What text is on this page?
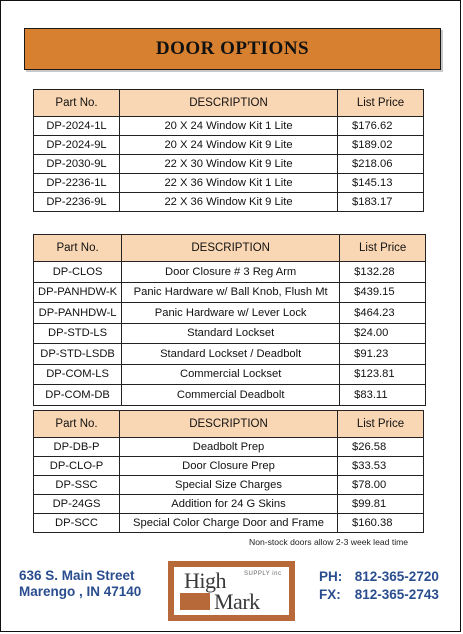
DOOR OPTIONS
Part No.	DESCRIPTION	List Price
DP-2024-1L	20 X 24 Window Kit 1 Lite	$176.62
DP-2024-9L	20 X 24 Window Kit 9 Lite	$189.02
DP-2030-9L	22 X 30 Window Kit 9 Lite	$218.06
DP-2236-1L	22 X 36 Window Kit 1 Lite	$145.13
DP-2236-9L	22 X 36 Window Kit 9 Lite	$183.17
Part No.	DESCRIPTION	List Price
DP-CLOS	Door Closure # 3 Reg Arm	$132.28
DP-PANHDW-K	Panic Hardware w/ Ball Knob, Flush Mt	$439.15
DP-PANHDW-L	Panic Hardware w/ Lever Lock	$464.23
DP-STD-LS	Standard Lockset	$24.00
DP-STD-LSDB	Standard Lockset / Deadbolt	$91.23
DP-COM-LS	Commercial Lockset	$123.81
DP-COM-DB	Commercial Deadbolt	$83.11
Part No.	DESCRIPTION	List Price
DP-DB-P	Deadbolt Prep	$26.58
DP-CLO-P	Door Closure Prep	$33.53
DP-SSC	Special Size Charges	$78.00
DP-24GS	Addition for 24 G Skins	$99.81
DP-SCC	Special Color Charge Door and Frame	$160.38
Non-stock doors allow 2-3 week lead time
636 S. Main Street
Marengo , IN 47140 High	SUPPLY inc
Mark
PH: 812-365-2720
FX: 812-365-2743
